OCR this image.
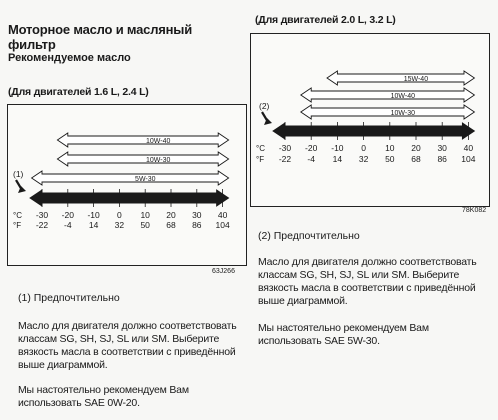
Моторное масло и масляный фильтр
Рекомендуемое масло
(Для двигателей 1.6 L, 2.4 L)
10W-40
10W-30
5W-30
°C
°F
-30
-22
-20
-4
-10
14
0
32
10
50
20
68
30
86
40
104
(1)
63J266
(1) Предпочтительно
Масло для двигателя должно соответствовать классам SG, SH, SJ, SL или SM. Выберите вязкость масла в соответствии с приведённой выше диаграммой.
Мы настоятельно рекомендуем Вам использовать SAE 0W-20.
(Для двигателей 2.0 L, 3.2 L)
15W-40
10W-40
10W-30
°C
°F
-30
-22
-20
-4
-10
14
0
32
10
50
20
68
30
86
40
104
(2)
78K082
(2) Предпочтительно
Масло для двигателя должно соответствовать классам SG, SH, SJ, SL или SM. Выберите вязкость масла в соответствии с приведённой выше диаграммой.
Мы настоятельно рекомендуем Вам использовать SAE 5W-30.
